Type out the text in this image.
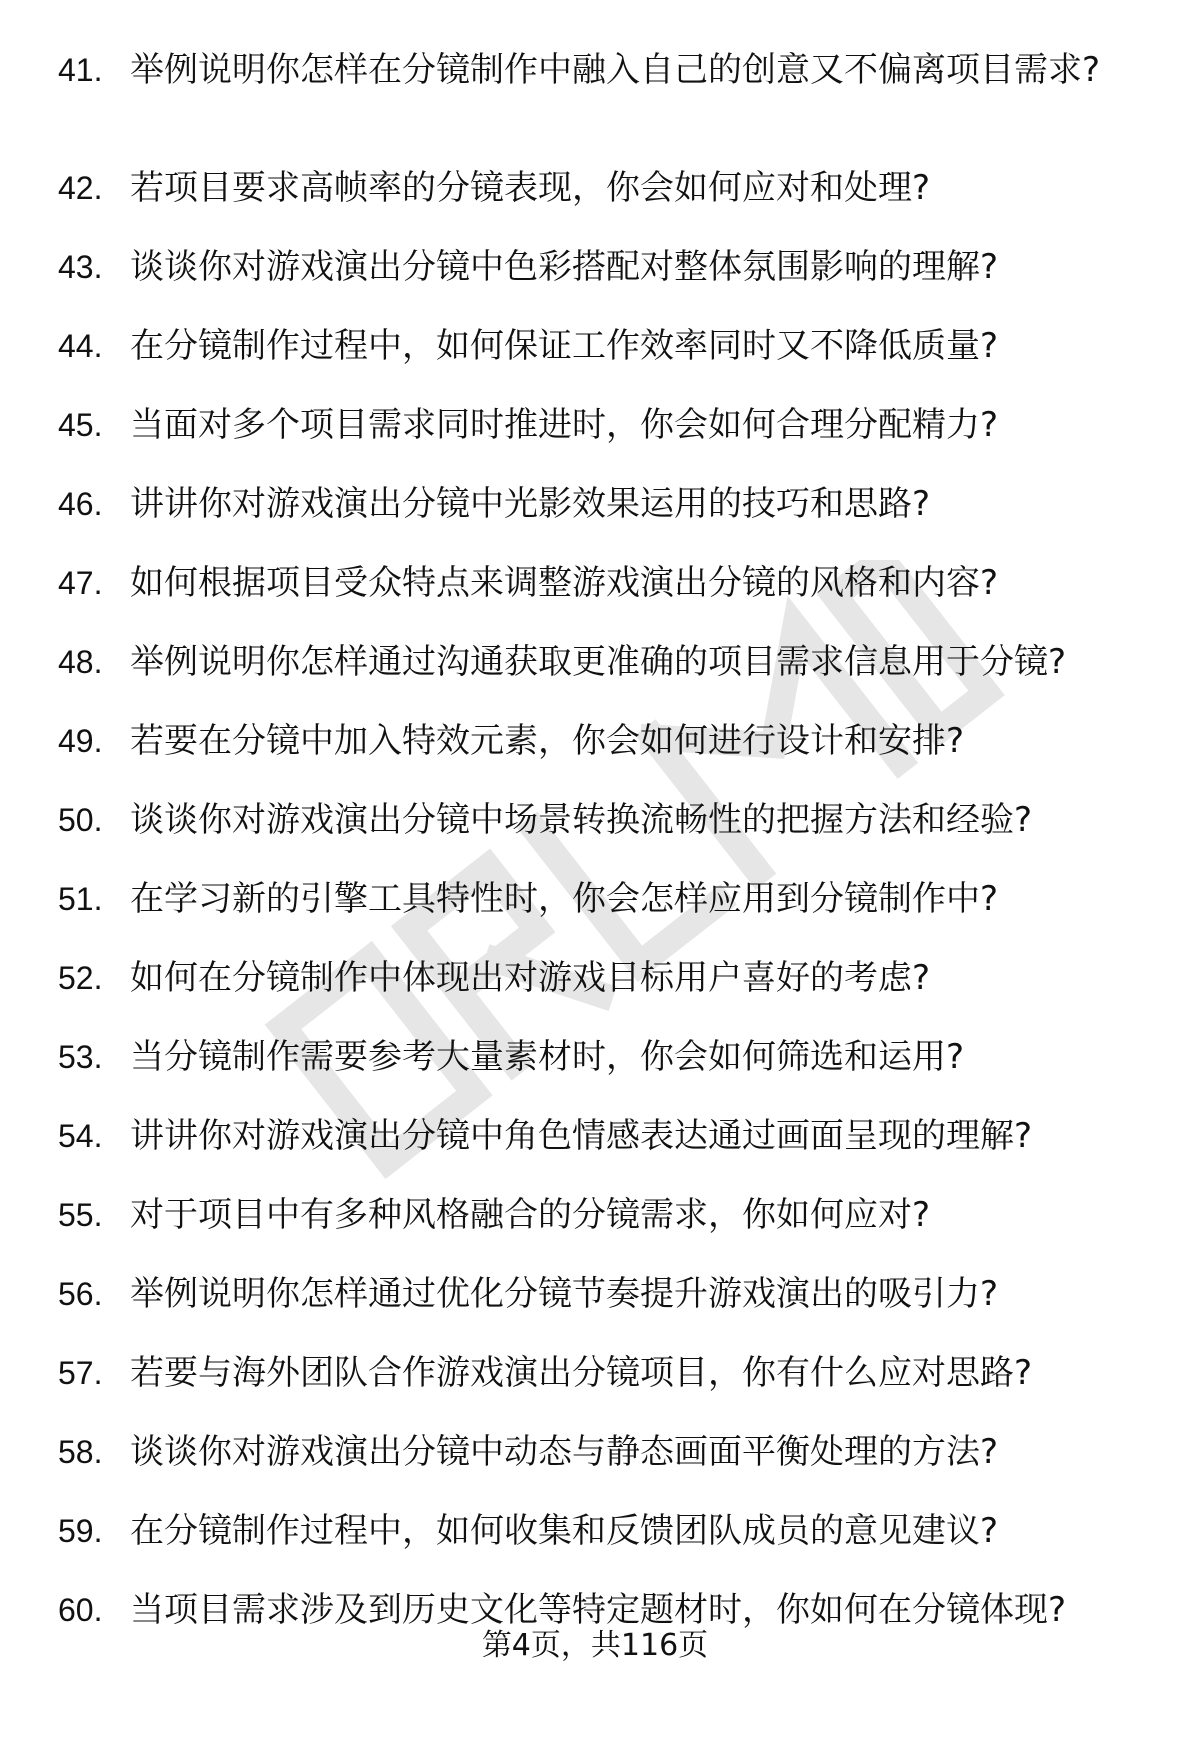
41. 举例说明你怎样在分镜制作中融入自己的创意又不偏离项目需求?
42. 若项目要求高帧率的分镜表现，你会如何应对和处理?
43. 谈谈你对游戏演出分镜中色彩搭配对整体氛围影响的理解?
44. 在分镜制作过程中，如何保证工作效率同时又不降低质量?
45. 当面对多个项目需求同时推进时，你会如何合理分配精力?
46. 讲讲你对游戏演出分镜中光影效果运用的技巧和思路?
47. 如何根据项目受众特点来调整游戏演出分镜的风格和内容?
48. 举例说明你怎样通过沟通获取更准确的项目需求信息用于分镜?
49. 若要在分镜中加入特效元素，你会如何进行设计和安排?
50. 谈谈你对游戏演出分镜中场景转换流畅性的把握方法和经验?
51. 在学习新的引擎工具特性时，你会怎样应用到分镜制作中?
52. 如何在分镜制作中体现出对游戏目标用户喜好的考虑?
53. 当分镜制作需要参考大量素材时，你会如何筛选和运用?
54. 讲讲你对游戏演出分镜中角色情感表达通过画面呈现的理解?
55. 对于项目中有多种风格融合的分镜需求，你如何应对?
56. 举例说明你怎样通过优化分镜节奏提升游戏演出的吸引力?
57. 若要与海外团队合作游戏演出分镜项目，你有什么应对思路?
58. 谈谈你对游戏演出分镜中动态与静态画面平衡处理的方法?
59. 在分镜制作过程中，如何收集和反馈团队成员的意见建议?
60. 当项目需求涉及到历史文化等特定题材时，你如何在分镜体现?
第4页，共116页
